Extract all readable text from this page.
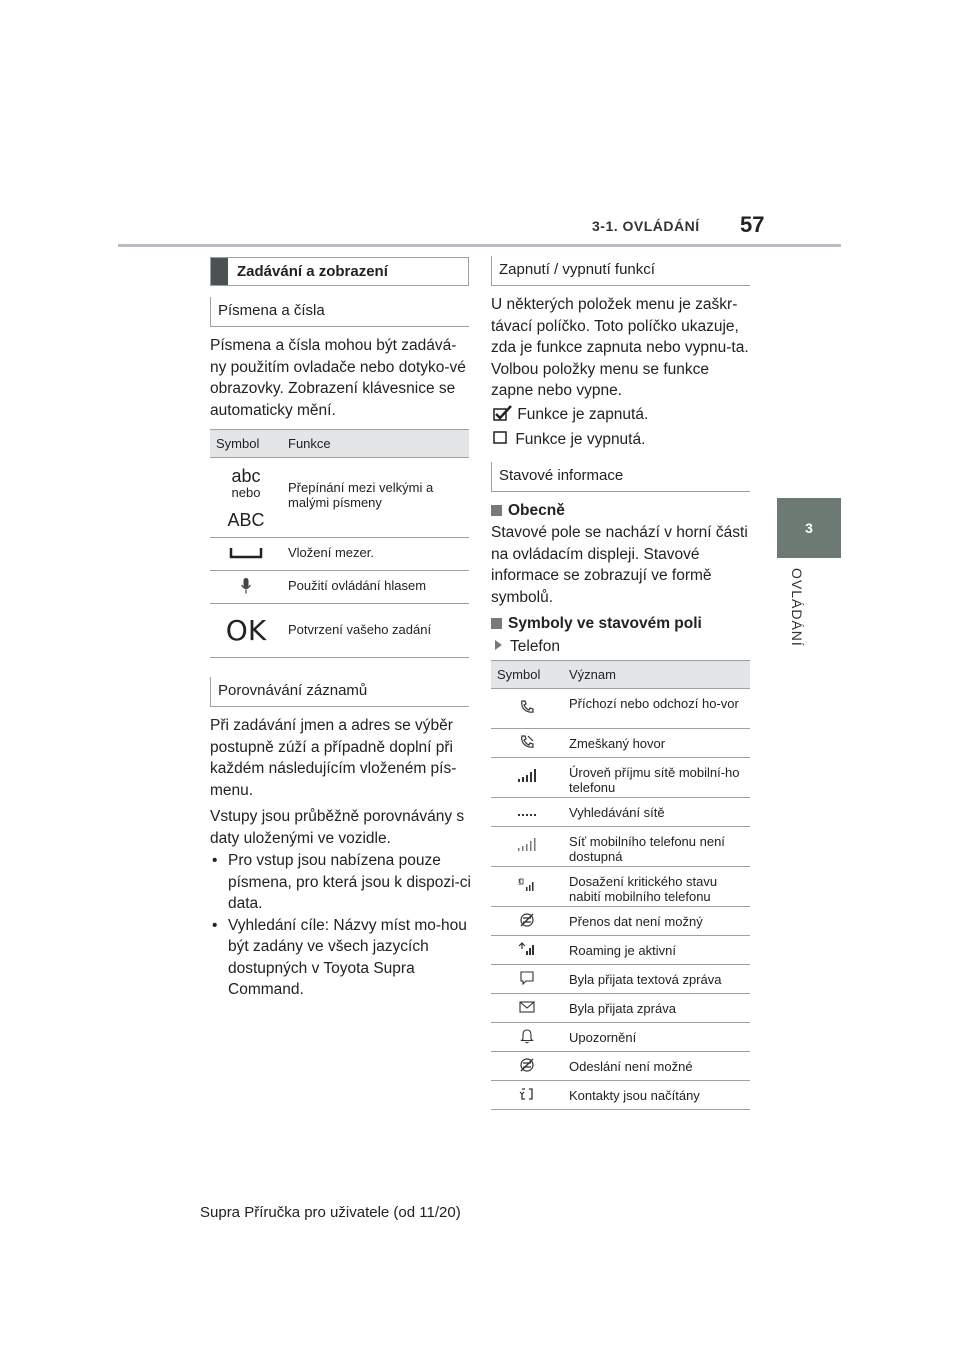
3-1. OVLÁDÁNÍ 57
3
OVLÁDÁNÍ
Zadávání a zobrazení
Písmena a čísla
Písmena a čísla mohou být zadává-ny použitím ovladače nebo dotyko-vé obrazovky. Zobrazení klávesnice se automaticky mění.
Symbol	Funkce

abc
nebo
ABC	Přepínání mezi velkými a malými písmeny
	Vložení mezer.
	Použití ovládání hlasem
OK	Potvrzení vašeho zadání
Porovnávání záznamů
Při zadávání jmen a adres se výběr postupně zúží a případně doplní při každém následujícím vloženém pís-menu.
Vstupy jsou průběžně porovnávány s daty uloženými ve vozidle.
• Pro vstup jsou nabízena pouze písmena, pro která jsou k dispozi-ci data.
• Vyhledání cíle: Názvy míst mo-hou být zadány ve všech jazycích dostupných v Toyota Supra Command.
Zapnutí / vypnutí funkcí
U některých položek menu je zaškr-távací políčko. Toto políčko ukazuje, zda je funkce zapnuta nebo vypnu-ta. Volbou položky menu se funkce zapne nebo vypne.
Funkce je zapnutá.
Funkce je vypnutá.
Stavové informace
Obecně
Stavové pole se nachází v horní části na ovládacím displeji. Stavové informace se zobrazují ve formě symbolů.
Symboly ve stavovém poli
Telefon
Symbol	Význam
	Příchozí nebo odchozí ho-vor
	Zmeškaný hovor
	Úroveň příjmu sítě mobilní-ho telefonu
	Vyhledávání sítě
	Síť mobilního telefonu není dostupná

!	Dosažení kritického stavu nabití mobilního telefonu
	Přenos dat není možný
	Roaming je aktivní
	Byla přijata textová zpráva
	Byla přijata zpráva
	Upozornění
	Odeslání není možné
	Kontakty jsou načítány
Supra Příručka pro uživatele (od 11/20)
